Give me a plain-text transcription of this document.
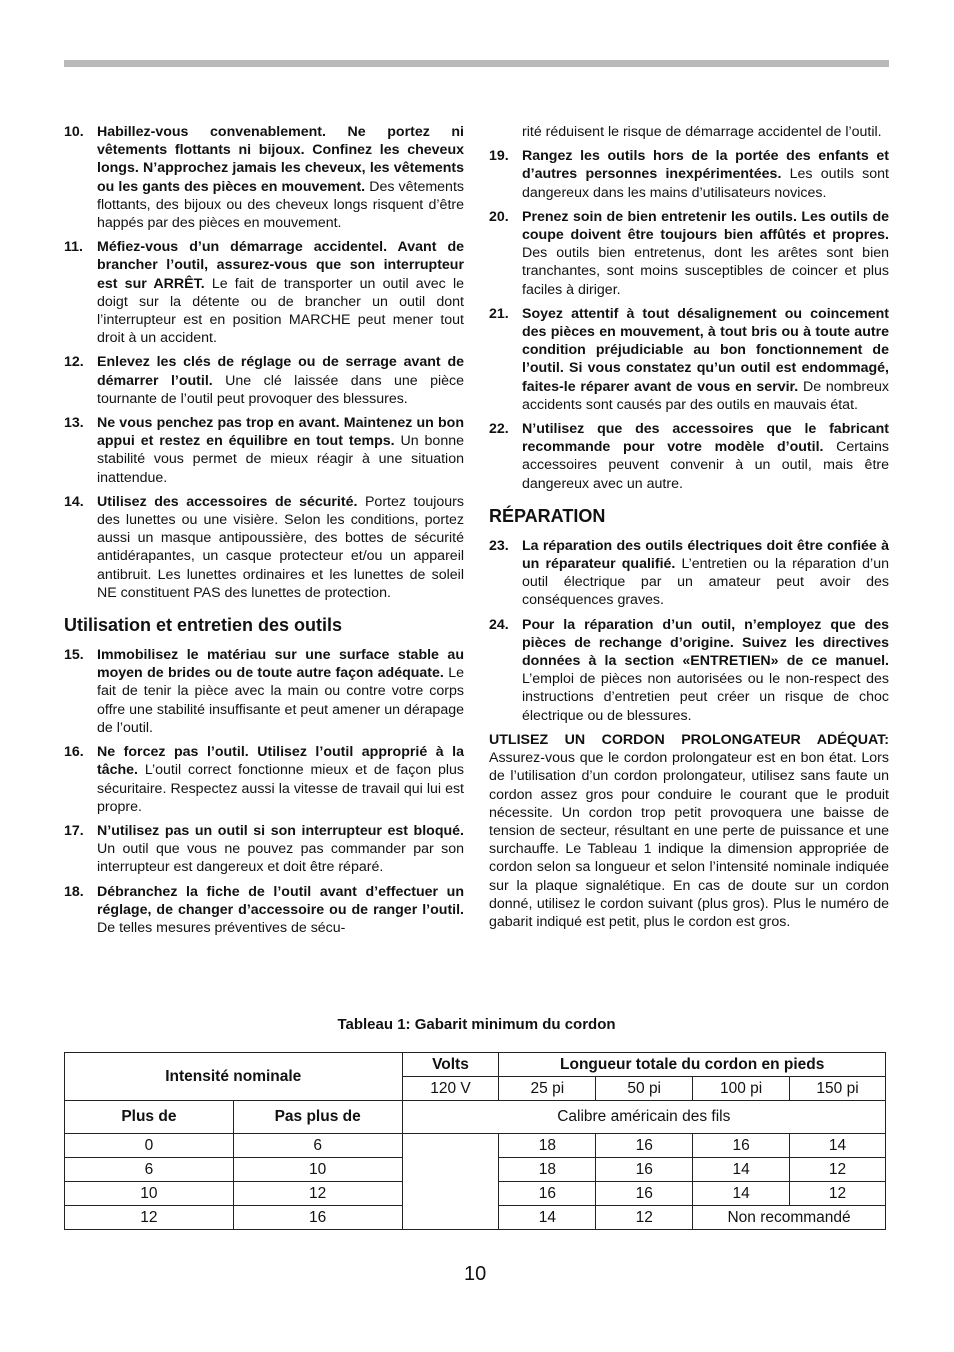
10. Habillez-vous convenablement. Ne portez ni vêtements flottants ni bijoux. Confinez les cheveux longs. N’approchez jamais les cheveux, les vêtements ou les gants des pièces en mouvement. Des vêtements flottants, des bijoux ou des cheveux longs risquent d’être happés par des pièces en mouvement.
11. Méfiez-vous d’un démarrage accidentel. Avant de brancher l’outil, assurez-vous que son interrupteur est sur ARRÊT. Le fait de transporter un outil avec le doigt sur la détente ou de brancher un outil dont l’interrupteur est en position MARCHE peut mener tout droit à un accident.
12. Enlevez les clés de réglage ou de serrage avant de démarrer l’outil. Une clé laissée dans une pièce tournante de l’outil peut provoquer des blessures.
13. Ne vous penchez pas trop en avant. Maintenez un bon appui et restez en équilibre en tout temps. Un bonne stabilité vous permet de mieux réagir à une situation inattendue.
14. Utilisez des accessoires de sécurité. Portez toujours des lunettes ou une visière. Selon les conditions, portez aussi un masque antipoussière, des bottes de sécurité antidérapantes, un casque protecteur et/ou un appareil antibruit. Les lunettes ordinaires et les lunettes de soleil NE constituent PAS des lunettes de protection.
Utilisation et entretien des outils
15. Immobilisez le matériau sur une surface stable au moyen de brides ou de toute autre façon adéquate. Le fait de tenir la pièce avec la main ou contre votre corps offre une stabilité insuffisante et peut amener un dérapage de l’outil.
16. Ne forcez pas l’outil. Utilisez l’outil approprié à la tâche. L’outil correct fonctionne mieux et de façon plus sécuritaire. Respectez aussi la vitesse de travail qui lui est propre.
17. N’utilisez pas un outil si son interrupteur est bloqué. Un outil que vous ne pouvez pas commander par son interrupteur est dangereux et doit être réparé.
18. Débranchez la fiche de l’outil avant d’effectuer un réglage, de changer d’accessoire ou de ranger l’outil. De telles mesures préventives de sécu-
rité réduisent le risque de démarrage accidentel de l’outil.
19. Rangez les outils hors de la portée des enfants et d’autres personnes inexpérimentées. Les outils sont dangereux dans les mains d’utilisateurs novices.
20. Prenez soin de bien entretenir les outils. Les outils de coupe doivent être toujours bien affûtés et propres. Des outils bien entretenus, dont les arêtes sont bien tranchantes, sont moins susceptibles de coincer et plus faciles à diriger.
21. Soyez attentif à tout désalignement ou coincement des pièces en mouvement, à tout bris ou à toute autre condition préjudiciable au bon fonctionnement de l’outil. Si vous constatez qu’un outil est endommagé, faites-le réparer avant de vous en servir. De nombreux accidents sont causés par des outils en mauvais état.
22. N’utilisez que des accessoires que le fabricant recommande pour votre modèle d’outil. Certains accessoires peuvent convenir à un outil, mais être dangereux avec un autre.
RÉPARATION
23. La réparation des outils électriques doit être confiée à un réparateur qualifié. L’entretien ou la réparation d’un outil électrique par un amateur peut avoir des conséquences graves.
24. Pour la réparation d’un outil, n’employez que des pièces de rechange d’origine. Suivez les directives données à la section «ENTRETIEN» de ce manuel. L’emploi de pièces non autorisées ou le non-respect des instructions d’entretien peut créer un risque de choc électrique ou de blessures.

UTLISEZ UN CORDON PROLONGATEUR ADÉQUAT: Assurez-vous que le cordon prolongateur est en bon état. Lors de l’utilisation d’un cordon prolongateur, utilisez sans faute un cordon assez gros pour conduire le courant que le produit nécessite. Un cordon trop petit provoquera une baisse de tension de secteur, résultant en une perte de puissance et une surchauffe. Le Tableau 1 indique la dimension appropriée de cordon selon sa longueur et selon l’intensité nominale indiquée sur la plaque signalétique. En cas de doute sur un cordon donné, utilisez le cordon suivant (plus gros). Plus le numéro de gabarit indiqué est petit, plus le cordon est gros.

Tableau 1: Gabarit minimum du cordon
Intensité nominale		Volts	Longueur totale du cordon en pieds			
		120 V	25 pi	50 pi	100 pi	150 pi
Plus de	Pas plus de	Calibre américain des fils				
0	6		18	16	16	14
6	10		18	16	14	12
10	12		16	16	14	12
12	16		14	12	Non recommandé	
10
